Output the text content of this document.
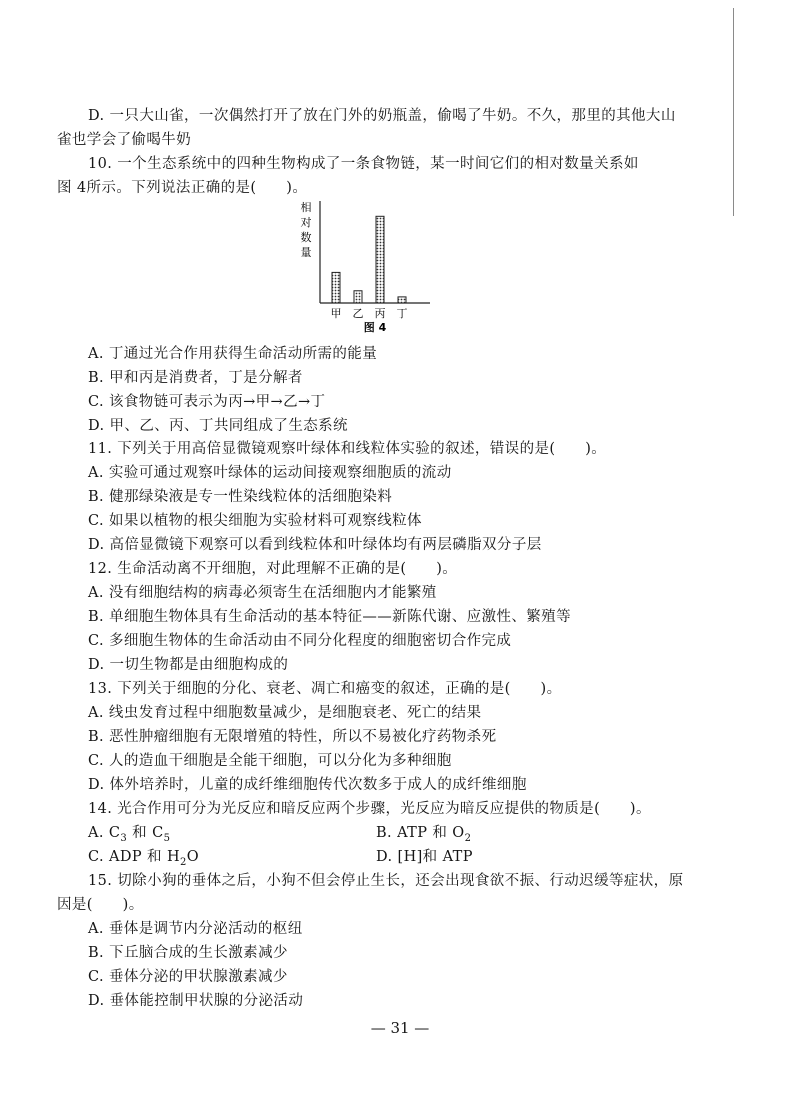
D. 一只大山雀，一次偶然打开了放在门外的奶瓶盖，偷喝了牛奶。不久，那里的其他大山
雀也学会了偷喝牛奶
10. 一个生态系统中的四种生物构成了一条食物链，某一时间它们的相对数量关系如
图 4所示。下列说法正确的是(　　)。
相
对
数
量
甲 乙 丙 丁
图 4
A. 丁通过光合作用获得生命活动所需的能量
B. 甲和丙是消费者，丁是分解者
C. 该食物链可表示为丙→甲→乙→丁
D. 甲、乙、丙、丁共同组成了生态系统
11. 下列关于用高倍显微镜观察叶绿体和线粒体实验的叙述，错误的是(　　)。
A. 实验可通过观察叶绿体的运动间接观察细胞质的流动
B. 健那绿染液是专一性染线粒体的活细胞染料
C. 如果以植物的根尖细胞为实验材料可观察线粒体
D. 高倍显微镜下观察可以看到线粒体和叶绿体均有两层磷脂双分子层
12. 生命活动离不开细胞，对此理解不正确的是(　　)。
A. 没有细胞结构的病毒必须寄生在活细胞内才能繁殖
B. 单细胞生物体具有生命活动的基本特征——新陈代谢、应激性、繁殖等
C. 多细胞生物体的生命活动由不同分化程度的细胞密切合作完成
D. 一切生物都是由细胞构成的
13. 下列关于细胞的分化、衰老、凋亡和癌变的叙述，正确的是(　　)。
A. 线虫发育过程中细胞数量减少，是细胞衰老、死亡的结果
B. 恶性肿瘤细胞有无限增殖的特性，所以不易被化疗药物杀死
C. 人的造血干细胞是全能干细胞，可以分化为多种细胞
D. 体外培养时，儿童的成纤维细胞传代次数多于成人的成纤维细胞
14. 光合作用可分为光反应和暗反应两个步骤，光反应为暗反应提供的物质是(　　)。
A. $C_3$ 和 $C_5$	B. ATP 和 $O_2$
C. ADP 和 $H_2O$	D. [H]和 ATP
15. 切除小狗的垂体之后，小狗不但会停止生长，还会出现食欲不振、行动迟缓等症状，原
因是(　　)。
A. 垂体是调节内分泌活动的枢纽
B. 下丘脑合成的生长激素减少
C. 垂体分泌的甲状腺激素减少
D. 垂体能控制甲状腺的分泌活动
— 31 —
